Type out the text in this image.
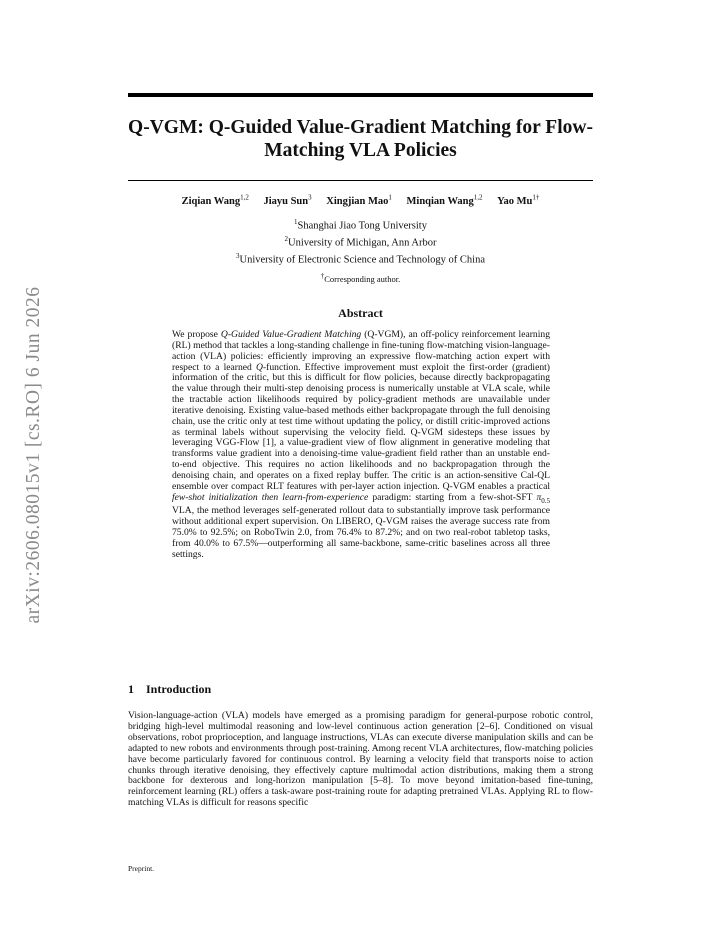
arXiv:2606.08015v1 [cs.RO] 6 Jun 2026
Q-VGM: Q-Guided Value-Gradient Matching for Flow-Matching VLA Policies
Ziqian Wang$^{1,2}$ Jiayu Sun$^3$ Xingjian Mao$^1$ Minqian Wang$^{1,2}$ Yao $Mu^{1\dagger}$
$^1$Shanghai Jiao Tong University
$^2$University of Michigan, Ann Arbor
$^3$University of Electronic Science and Technology of China
†Corresponding author.
Abstract

We propose Q-Guided Value-Gradient Matching (Q-VGM), an off-policy reinforcement learning (RL) method that tackles a long-standing challenge in fine-tuning flow-matching vision-language-action (VLA) policies: efficiently improving an expressive flow-matching action expert with respect to a learned Q-function. Effective improvement must exploit the first-order (gradient) information of the critic, but this is difficult for flow policies, because directly backpropagating the value through their multi-step denoising process is numerically unstable at VLA scale, while the tractable action likelihoods required by policy-gradient methods are unavailable under iterative denoising. Existing value-based methods either backpropagate through the full denoising chain, use the critic only at test time without updating the policy, or distill critic-improved actions as terminal labels without supervising the velocity field. Q-VGM sidesteps these issues by leveraging VGG-Flow [1], a value-gradient view of flow alignment in generative modeling that transforms value gradient into a denoising-time value-gradient field rather than an unstable end-to-end objective. This requires no action likelihoods and no backpropagation through the denoising chain, and operates on a fixed replay buffer. The critic is an action-sensitive Cal-QL ensemble over compact RLT features with per-layer action injection. Q-VGM enables a practical few-shot initialization then learn-from-experience paradigm: starting from a few-shot-SFT $\pi_{0.5}$ VLA, the method leverages self-generated rollout data to substantially improve task performance without additional expert supervision. On LIBERO, Q-VGM raises the average success rate from 75.0% to 92.5%; on RoboTwin 2.0, from 76.4% to 87.2%; and on two real-robot tabletop tasks, from 40.0% to 67.5%—outperforming all same-backbone, same-critic baselines across all three settings.

1 Introduction

Vision-language-action (VLA) models have emerged as a promising paradigm for general-purpose robotic control, bridging high-level multimodal reasoning and low-level continuous action generation [2–6]. Conditioned on visual observations, robot proprioception, and language instructions, VLAs can execute diverse manipulation skills and can be adapted to new robots and environments through post-training. Among recent VLA architectures, flow-matching policies have become particularly favored for continuous control. By learning a velocity field that transports noise to action chunks through iterative denoising, they effectively capture multimodal action distributions, making them a strong backbone for dexterous and long-horizon manipulation [5–8]. To move beyond imitation-based fine-tuning, reinforcement learning (RL) offers a task-aware post-training route for adapting pretrained VLAs. Applying RL to flow-matching VLAs is difficult for reasons specific

Preprint.
